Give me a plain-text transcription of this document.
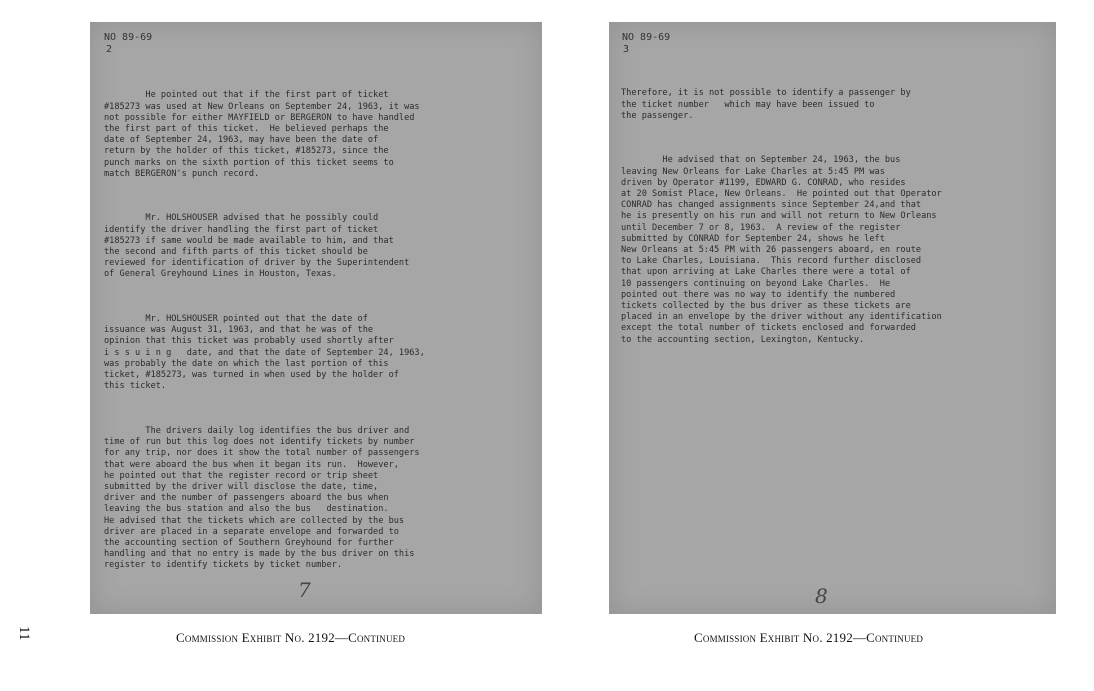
11
NO 89-69
2

He pointed out that if the first part of ticket
#185273 was used at New Orleans on September 24, 1963, it was
not possible for either MAYFIELD or BERGERON to have handled
the first part of this ticket.  He believed perhaps the
date of September 24, 1963, may have been the date of
return by the holder of this ticket, #185273, since the
punch marks on the sixth portion of this ticket seems to
match BERGERON's punch record.

Mr. HOLSHOUSER advised that he possibly could
identify the driver handling the first part of ticket
#185273 if same would be made available to him, and that
the second and fifth parts of this ticket should be
reviewed for identification of driver by the Superintendent
of General Greyhound Lines in Houston, Texas.

Mr. HOLSHOUSER pointed out that the date of
issuance was August 31, 1963, and that he was of the
opinion that this ticket was probably used shortly after
i s s u i n g   date, and that the date of September 24, 1963,
was probably the date on which the last portion of this
ticket, #185273, was turned in when used by the holder of
this ticket.

The drivers daily log identifies the bus driver and
time of run but this log does not identify tickets by number
for any trip, nor does it show the total number of passengers
that were aboard the bus when it began its run.  However,
he pointed out that the register record or trip sheet
submitted by the driver will disclose the date, time,
driver and the number of passengers aboard the bus when
leaving the bus station and also the bus   destination.
He advised that the tickets which are collected by the bus
driver are placed in a separate envelope and forwarded to
the accounting section of Southern Greyhound for further
handling and that no entry is made by the bus driver on this
register to identify tickets by ticket number.

7
NO 89-69
3

Therefore, it is not possible to identify a passenger by
the ticket number   which may have been issued to
the passenger.

He advised that on September 24, 1963, the bus
leaving New Orleans for Lake Charles at 5:45 PM was
driven by Operator #1199, EDWARD G. CONRAD, who resides
at 20 Somist Place, New Orleans.  He pointed out that Operator
CONRAD has changed assignments since September 24,and that
he is presently on his run and will not return to New Orleans
until December 7 or 8, 1963.  A review of the register
submitted by CONRAD for September 24, shows he left
New Orleans at 5:45 PM with 26 passengers aboard, en route
to Lake Charles, Louisiana.  This record further disclosed
that upon arriving at Lake Charles there were a total of
10 passengers continuing on beyond Lake Charles.  He
pointed out there was no way to identify the numbered
tickets collected by the bus driver as these tickets are
placed in an envelope by the driver without any identification
except the total number of tickets enclosed and forwarded
to the accounting section, Lexington, Kentucky.

8
Commission Exhibit No. 2192—Continued	Commission Exhibit No. 2192—Continued
